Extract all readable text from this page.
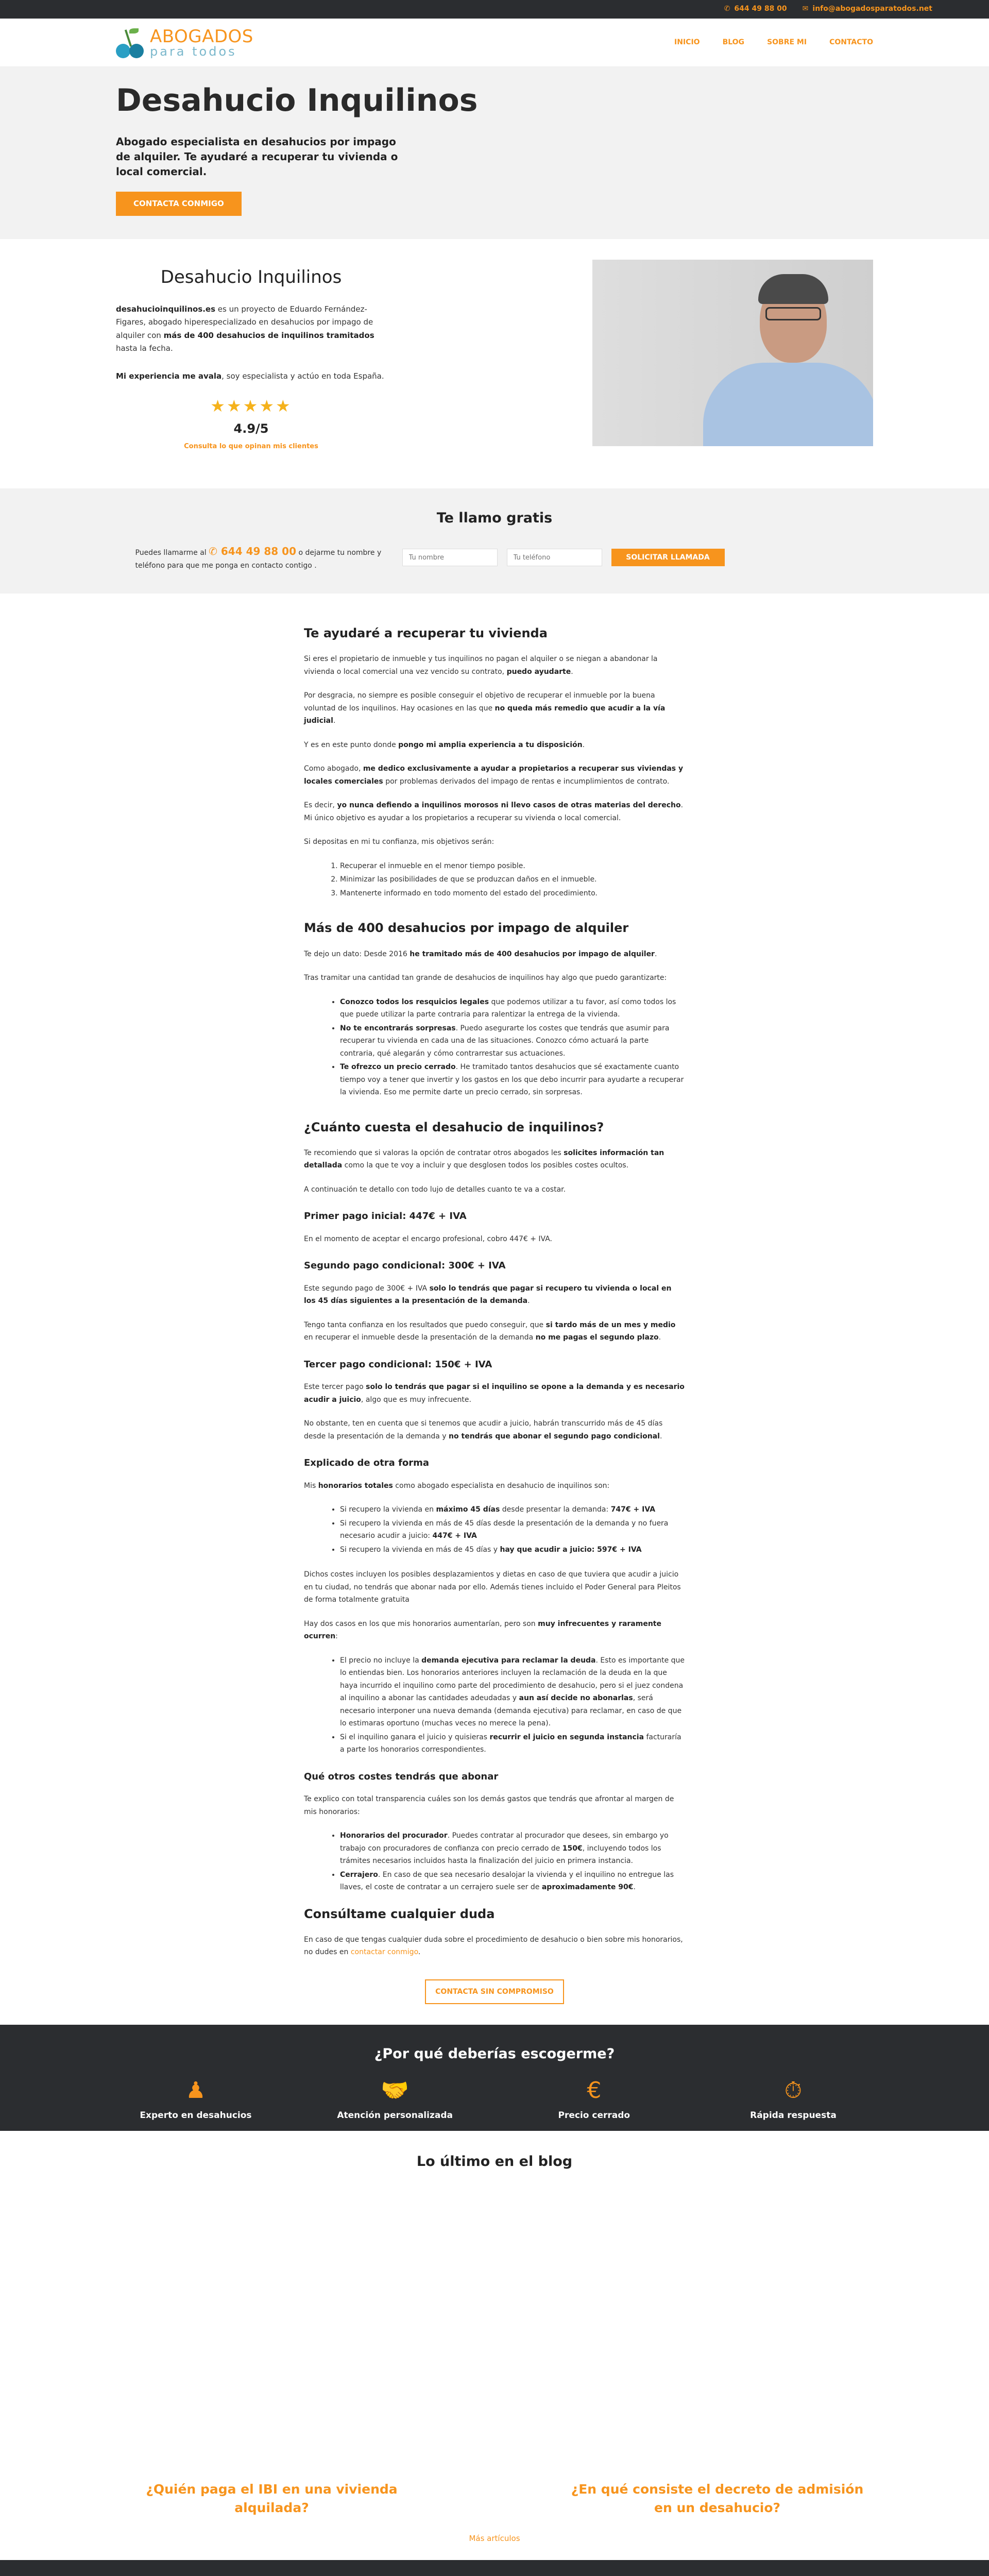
✆ 644 49 88 00 ✉ info@abogadosparatodos.net
ABOGADOS
para todos
INICIO	BLOG	SOBRE MI	CONTACTO
Desahucio Inquilinos

Abogado especialista en desahucios por impago de alquiler. Te ayudaré a recuperar tu vivienda o local comercial.

CONTACTA CONMIGO
Desahucio Inquilinos

desahucioinquilinos.es es un proyecto de Eduardo Fernández-Figares, abogado hiperespecializado en desahucios por impago de alquiler con más de 400 desahucios de inquilinos tramitados hasta la fecha.

Mi experiencia me avala, soy especialista y actúo en toda España.

★★★★★
4.9/5
Consulta lo que opinan mis clientes
Te llamo gratis
Puedes llamarme al ✆ 644 49 88 00 o dejarme tu nombre y teléfono para que me ponga en contacto contigo .
Tu nombre
Tu teléfono
SOLICITAR LLAMADA
Te ayudaré a recuperar tu vivienda

Si eres el propietario de inmueble y tus inquilinos no pagan el alquiler o se niegan a abandonar la vivienda o local comercial una vez vencido su contrato, puedo ayudarte.

Por desgracia, no siempre es posible conseguir el objetivo de recuperar el inmueble por la buena voluntad de los inquilinos. Hay ocasiones en las que no queda más remedio que acudir a la vía judicial.

Y es en este punto donde pongo mi amplia experiencia a tu disposición.

Como abogado, me dedico exclusivamente a ayudar a propietarios a recuperar sus viviendas y locales comerciales por problemas derivados del impago de rentas e incumplimientos de contrato.

Es decir, yo nunca defiendo a inquilinos morosos ni llevo casos de otras materias del derecho. Mi único objetivo es ayudar a los propietarios a recuperar su vivienda o local comercial.

Si depositas en mi tu confianza, mis objetivos serán:

1. Recuperar el inmueble en el menor tiempo posible.
2. Minimizar las posibilidades de que se produzcan daños en el inmueble.
3. Mantenerte informado en todo momento del estado del procedimiento.
Más de 400 desahucios por impago de alquiler

Te dejo un dato: Desde 2016 he tramitado más de 400 desahucios por impago de alquiler.

Tras tramitar una cantidad tan grande de desahucios de inquilinos hay algo que puedo garantizarte:

• Conozco todos los resquicios legales que podemos utilizar a tu favor, así como todos los que puede utilizar la parte contraria para ralentizar la entrega de la vivienda.
• No te encontrarás sorpresas. Puedo asegurarte los costes que tendrás que asumir para recuperar tu vivienda en cada una de las situaciones. Conozco cómo actuará la parte contraria, qué alegarán y cómo contrarrestar sus actuaciones.
• Te ofrezco un precio cerrado. He tramitado tantos desahucios que sé exactamente cuanto tiempo voy a tener que invertir y los gastos en los que debo incurrir para ayudarte a recuperar la vivienda. Eso me permite darte un precio cerrado, sin sorpresas.
¿Cuánto cuesta el desahucio de inquilinos?

Te recomiendo que si valoras la opción de contratar otros abogados les solicites información tan detallada como la que te voy a incluir y que desglosen todos los posibles costes ocultos.

A continuación te detallo con todo lujo de detalles cuanto te va a costar.

Primer pago inicial: 447€ + IVA

En el momento de aceptar el encargo profesional, cobro 447€ + IVA.

Segundo pago condicional: 300€ + IVA

Este segundo pago de 300€ + IVA solo lo tendrás que pagar si recupero tu vivienda o local en los 45 días siguientes a la presentación de la demanda.

Tengo tanta confianza en los resultados que puedo conseguir, que si tardo más de un mes y medio en recuperar el inmueble desde la presentación de la demanda no me pagas el segundo plazo.

Tercer pago condicional: 150€ + IVA

Este tercer pago solo lo tendrás que pagar si el inquilino se opone a la demanda y es necesario acudir a juicio, algo que es muy infrecuente.

No obstante, ten en cuenta que si tenemos que acudir a juicio, habrán transcurrido más de 45 días desde la presentación de la demanda y no tendrás que abonar el segundo pago condicional.

Explicado de otra forma

Mis honorarios totales como abogado especialista en desahucio de inquilinos son:

• Si recupero la vivienda en máximo 45 días desde presentar la demanda: 747€ + IVA
• Si recupero la vivienda en más de 45 días desde la presentación de la demanda y no fuera necesario acudir a juicio: 447€ + IVA
• Si recupero la vivienda en más de 45 días y hay que acudir a juicio: 597€ + IVA

Dichos costes incluyen los posibles desplazamientos y dietas en caso de que tuviera que acudir a juicio en tu ciudad, no tendrás que abonar nada por ello. Además tienes incluido el Poder General para Pleitos de forma totalmente gratuita

Hay dos casos en los que mis honorarios aumentarían, pero son muy infrecuentes y raramente ocurren:

• El precio no incluye la demanda ejecutiva para reclamar la deuda. Esto es importante que lo entiendas bien. Los honorarios anteriores incluyen la reclamación de la deuda en la que haya incurrido el inquilino como parte del procedimiento de desahucio, pero si el juez condena al inquilino a abonar las cantidades adeudadas y aun así decide no abonarlas, será necesario interponer una nueva demanda (demanda ejecutiva) para reclamar, en caso de que lo estimaras oportuno (muchas veces no merece la pena).
• Si el inquilino ganara el juicio y quisieras recurrir el juicio en segunda instancia facturaría a parte los honorarios correspondientes.
Qué otros costes tendrás que abonar

Te explico con total transparencia cuáles son los demás gastos que tendrás que afrontar al margen de mis honorarios:

• Honorarios del procurador. Puedes contratar al procurador que desees, sin embargo yo trabajo con procuradores de confianza con precio cerrado de 150€, incluyendo todos los trámites necesarios incluidos hasta la finalización del juicio en primera instancia.
• Cerrajero. En caso de que sea necesario desalojar la vivienda y el inquilino no entregue las llaves, el coste de contratar a un cerrajero suele ser de aproximadamente 90€.
Consúltame cualquier duda

En caso de que tengas cualquier duda sobre el procedimiento de desahucio o bien sobre mis honorarios, no dudes en contactar conmigo.

CONTACTA SIN COMPROMISO
¿Por qué deberías escogerme?
♟
Experto en desahucios
🤝
Atención personalizada
€
Precio cerrado
⏱
Rápida respuesta
Lo último en el blog
¿Quién paga el IBI en una vivienda alquilada?
¿En qué consiste el decreto de admisión en un desahucio?
Más artículos
